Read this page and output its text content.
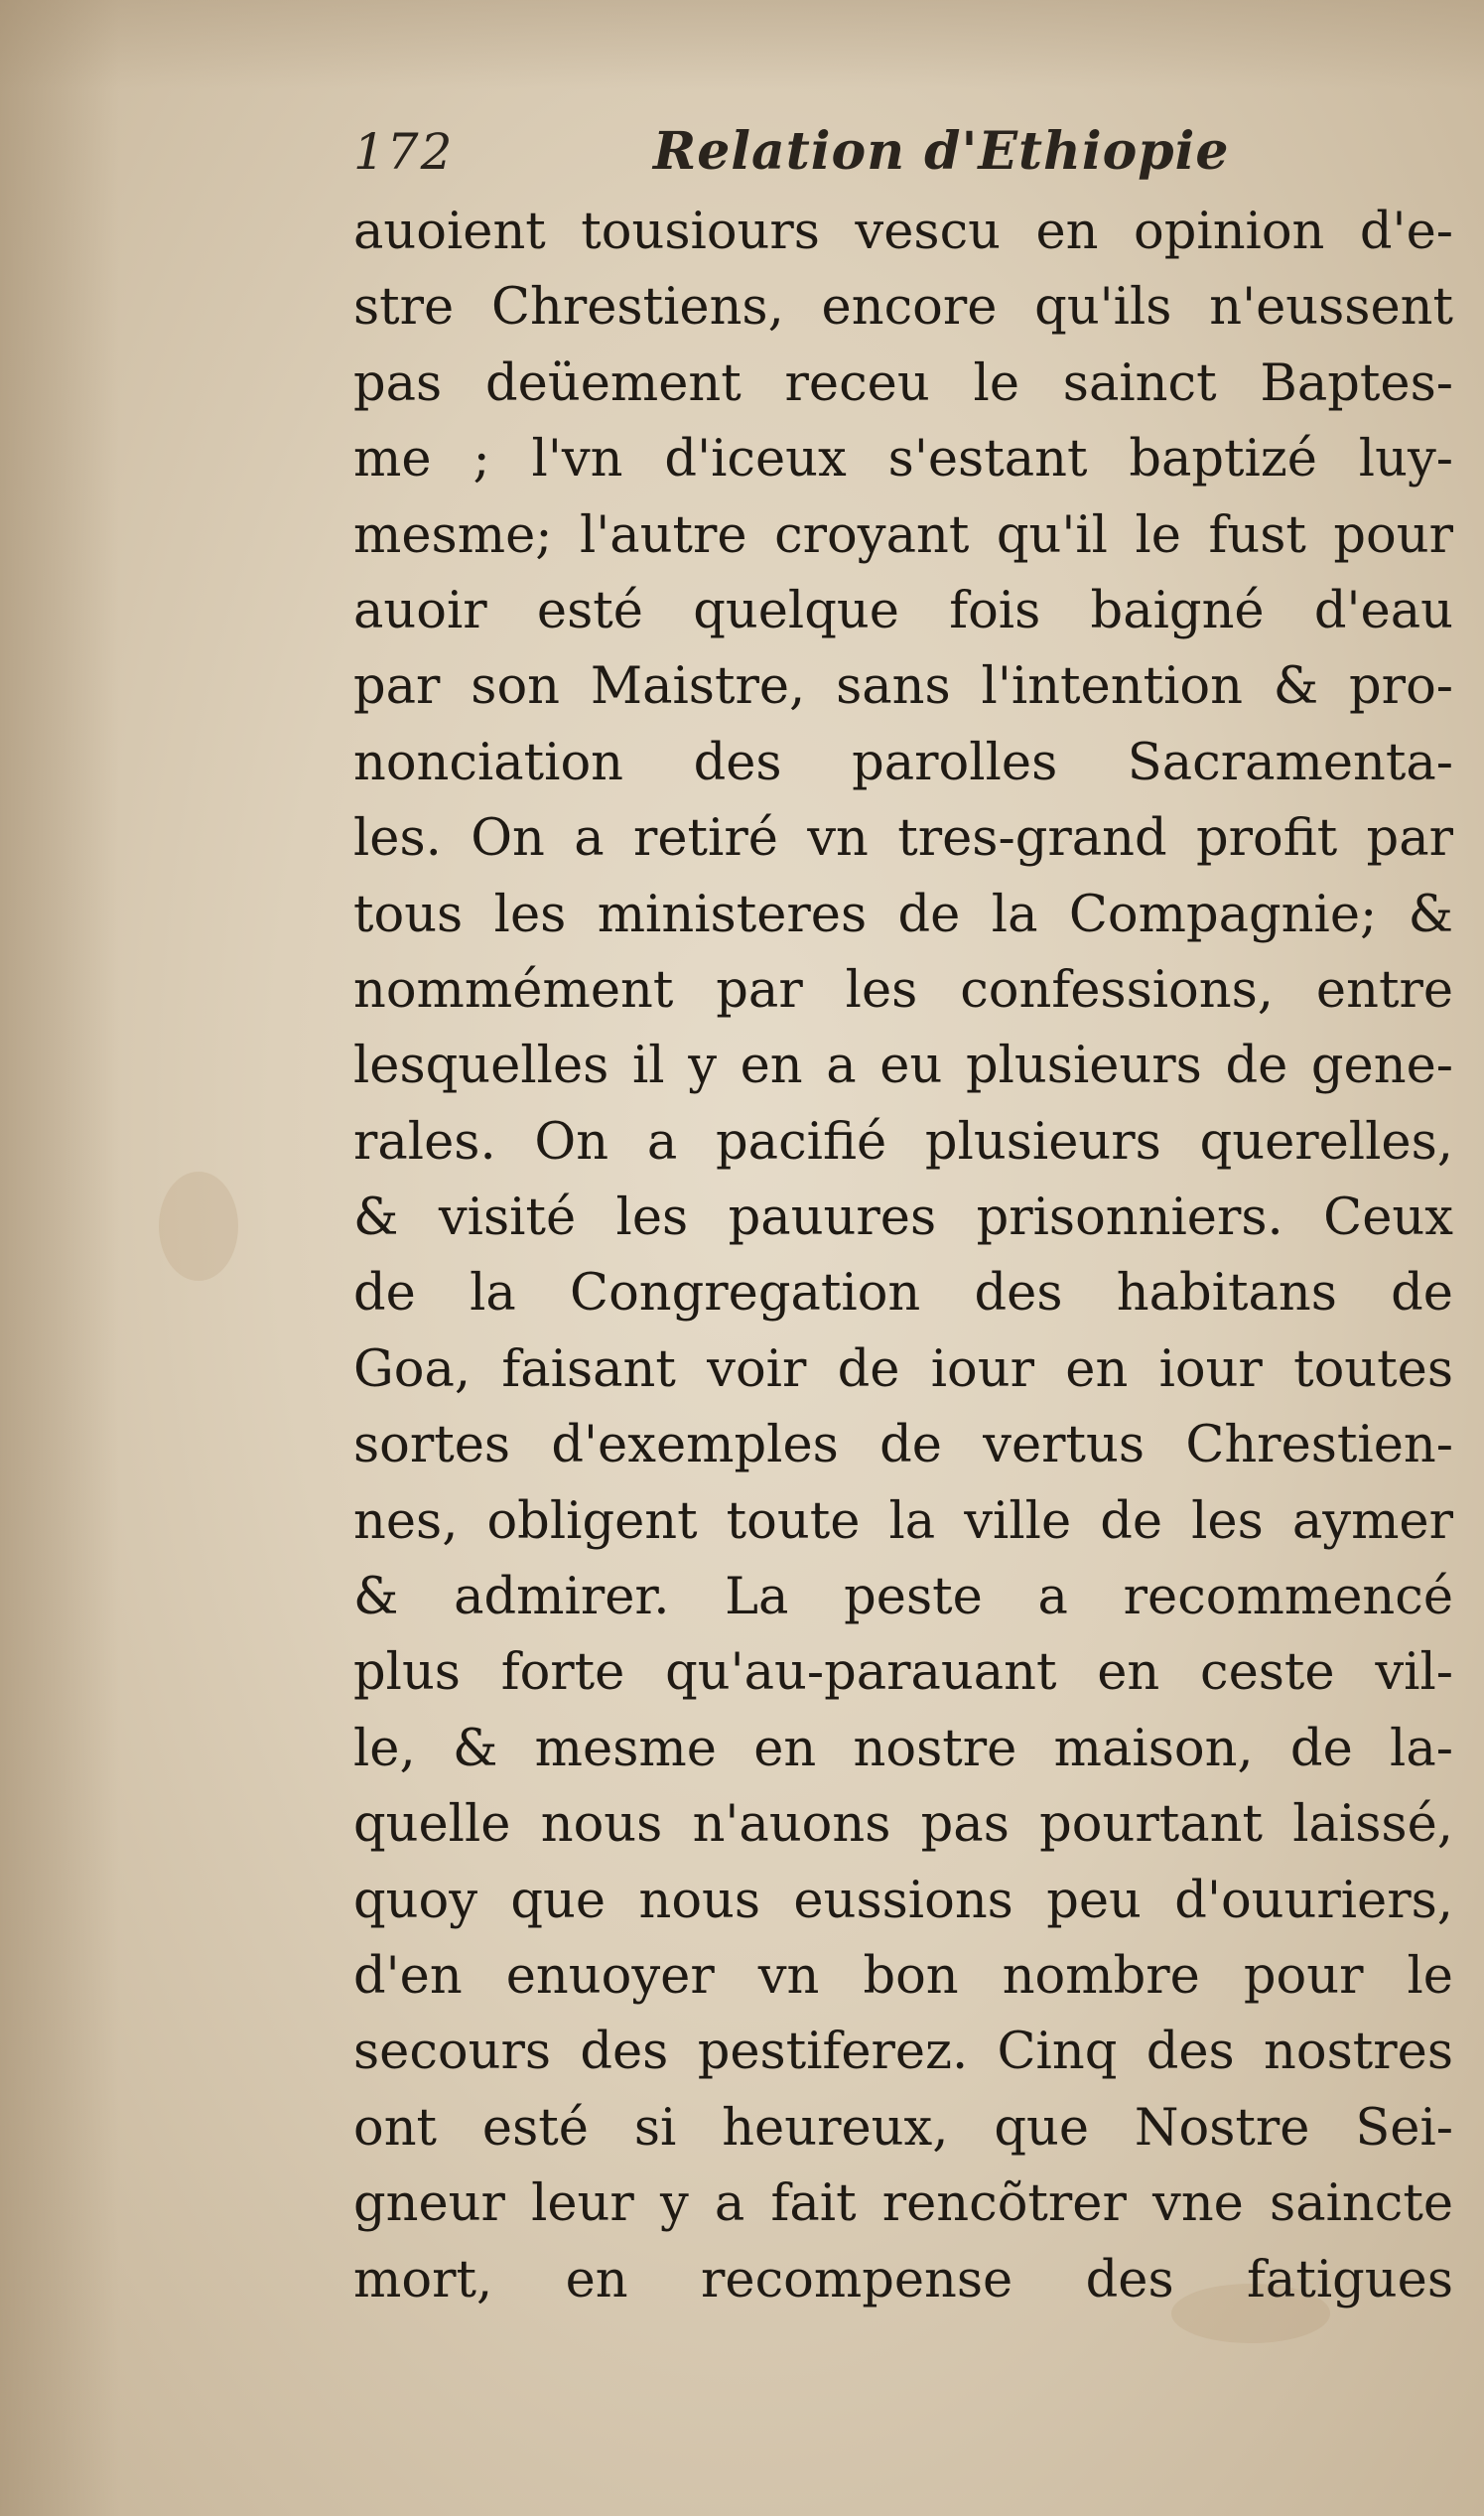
172	Relation d'Ethiopie
auoient tousiours vescu en opinion d'e-
stre Chrestiens, encore qu'ils n'eussent
pas deüement receu le sainct Baptes-
me ; l'vn d'iceux s'estant baptizé luy-
mesme; l'autre croyant qu'il le fust pour
auoir esté quelque fois baigné d'eau
par son Maistre, sans l'intention & pro-
nonciation des parolles Sacramenta-
les. On a retiré vn tres-grand profit par
tous les ministeres de la Compagnie; &
nommément par les confessions, entre
lesquelles il y en a eu plusieurs de gene-
rales. On a pacifié plusieurs querelles,
& visité les pauures prisonniers. Ceux
de la Congregation des habitans de
Goa, faisant voir de iour en iour toutes
sortes d'exemples de vertus Chrestien-
nes, obligent toute la ville de les aymer
& admirer. La peste a recommencé
plus forte qu'au-parauant en ceste vil-
le, & mesme en nostre maison, de la-
quelle nous n'auons pas pourtant laissé,
quoy que nous eussions peu d'ouuriers,
d'en enuoyer vn bon nombre pour le
secours des pestiferez. Cinq des nostres
ont esté si heureux, que Nostre Sei-
gneur leur y a fait rencõtrer vne saincte
mort, en recompense des fatigues
